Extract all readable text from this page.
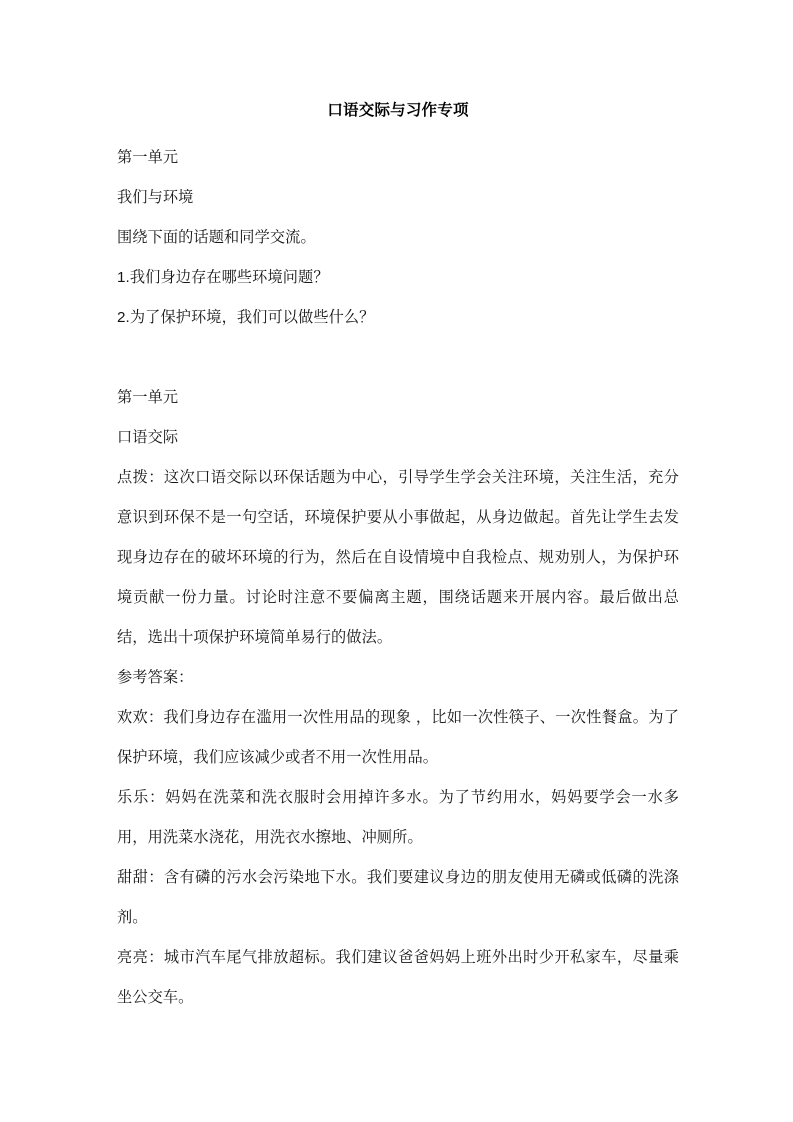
口语交际与习作专项

第一单元

我们与环境

围绕下面的话题和同学交流。

1.我们身边存在哪些环境问题？

2.为了保护环境，我们可以做些什么？

第一单元

口语交际

点拨：这次口语交际以环保话题为中心，引导学生学会关注环境，关注生活，充分意识到环保不是一句空话，环境保护要从小事做起，从身边做起。首先让学生去发现身边存在的破坏环境的行为，然后在自设情境中自我检点、规劝别人，为保护环境贡献一份力量。讨论时注意不要偏离主题，围绕话题来开展内容。最后做出总结，选出十项保护环境简单易行的做法。

参考答案：

欢欢：我们身边存在滥用一次性用品的现象 ，比如一次性筷子、一次性餐盒。为了保护环境，我们应该减少或者不用一次性用品。

乐乐：妈妈在洗菜和洗衣服时会用掉许多水。为了节约用水，妈妈要学会一水多用，用洗菜水浇花，用洗衣水擦地、冲厕所。

甜甜：含有磷的污水会污染地下水。我们要建议身边的朋友使用无磷或低磷的洗涤剂。

亮亮：城市汽车尾气排放超标。我们建议爸爸妈妈上班外出时少开私家车，尽量乘坐公交车。
